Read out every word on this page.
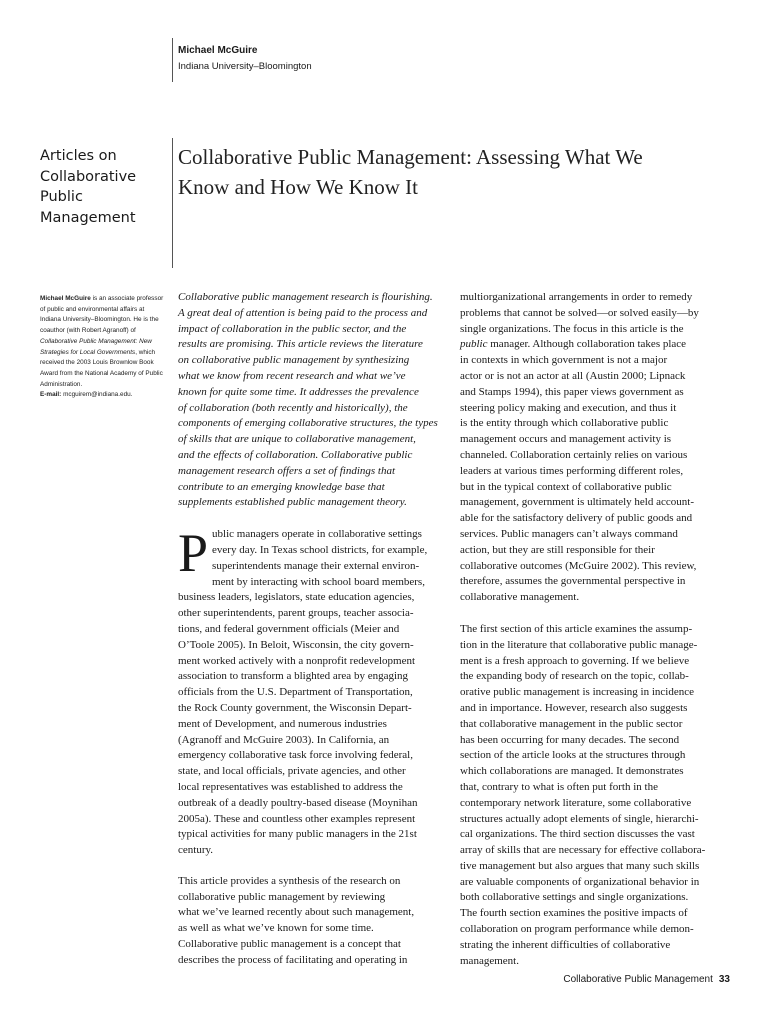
Michael McGuire
Indiana University–Bloomington
Articles on
Collaborative
Public
Management
Collaborative Public Management: Assessing What We
Know and How We Know It
Michael McGuire is an associate professor of public and environmental affairs at Indiana University–Bloomington. He is the coauthor (with Robert Agranoff) of Collaborative Public Management: New Strategies for Local Governments, which received the 2003 Louis Brownlow Book Award from the National Academy of Public Administration.
E-mail: mcguirem@indiana.edu.
Collaborative public management research is flourishing.
A great deal of attention is being paid to the process and
impact of collaboration in the public sector, and the
results are promising. This article reviews the literature
on collaborative public management by synthesizing
what we know from recent research and what we’ve
known for quite some time. It addresses the prevalence
of collaboration (both recently and historically), the
components of emerging collaborative structures, the types
of skills that are unique to collaborative management,
and the effects of collaboration. Collaborative public
management research offers a set of findings that
contribute to an emerging knowledge base that
supplements established public management theory.
P ublic managers operate in collaborative settings
every day. In Texas school districts, for example,
superintendents manage their external environ-
ment by interacting with school board members,
business leaders, legislators, state education agencies,
other superintendents, parent groups, teacher associa-
tions, and federal government officials (Meier and
O’Toole 2005). In Beloit, Wisconsin, the city govern-
ment worked actively with a nonprofit redevelopment
association to transform a blighted area by engaging
officials from the U.S. Department of Transportation,
the Rock County government, the Wisconsin Depart-
ment of Development, and numerous industries
(Agranoff and McGuire 2003). In California, an
emergency collaborative task force involving federal,
state, and local officials, private agencies, and other
local representatives was established to address the
outbreak of a deadly poultry-based disease (Moynihan
2005a). These and countless other examples represent
typical activities for many public managers in the 21st
century.
This article provides a synthesis of the research on
collaborative public management by reviewing
what we’ve learned recently about such management,
as well as what we’ve known for some time.
Collaborative public management is a concept that
describes the process of facilitating and operating in
multiorganizational arrangements in order to remedy
problems that cannot be solved—or solved easily—by
single organizations. The focus in this article is the
public manager. Although collaboration takes place
in contexts in which government is not a major
actor or is not an actor at all (Austin 2000; Lipnack
and Stamps 1994), this paper views government as
steering policy making and execution, and thus it
is the entity through which collaborative public
management occurs and management activity is
channeled. Collaboration certainly relies on various
leaders at various times performing different roles,
but in the typical context of collaborative public
management, government is ultimately held account-
able for the satisfactory delivery of public goods and
services. Public managers can’t always command
action, but they are still responsible for their
collaborative outcomes (McGuire 2002). This review,
therefore, assumes the governmental perspective in
collaborative management.
The first section of this article examines the assump-
tion in the literature that collaborative public manage-
ment is a fresh approach to governing. If we believe
the expanding body of research on the topic, collab-
orative public management is increasing in incidence
and in importance. However, research also suggests
that collaborative management in the public sector
has been occurring for many decades. The second
section of the article looks at the structures through
which collaborations are managed. It demonstrates
that, contrary to what is often put forth in the
contemporary network literature, some collaborative
structures actually adopt elements of single, hierarchi-
cal organizations. The third section discusses the vast
array of skills that are necessary for effective collabora-
tive management but also argues that many such skills
are valuable components of organizational behavior in
both collaborative settings and single organizations.
The fourth section examines the positive impacts of
collaboration on program performance while demon-
strating the inherent difficulties of collaborative
management.
Collaborative Public Management 33
